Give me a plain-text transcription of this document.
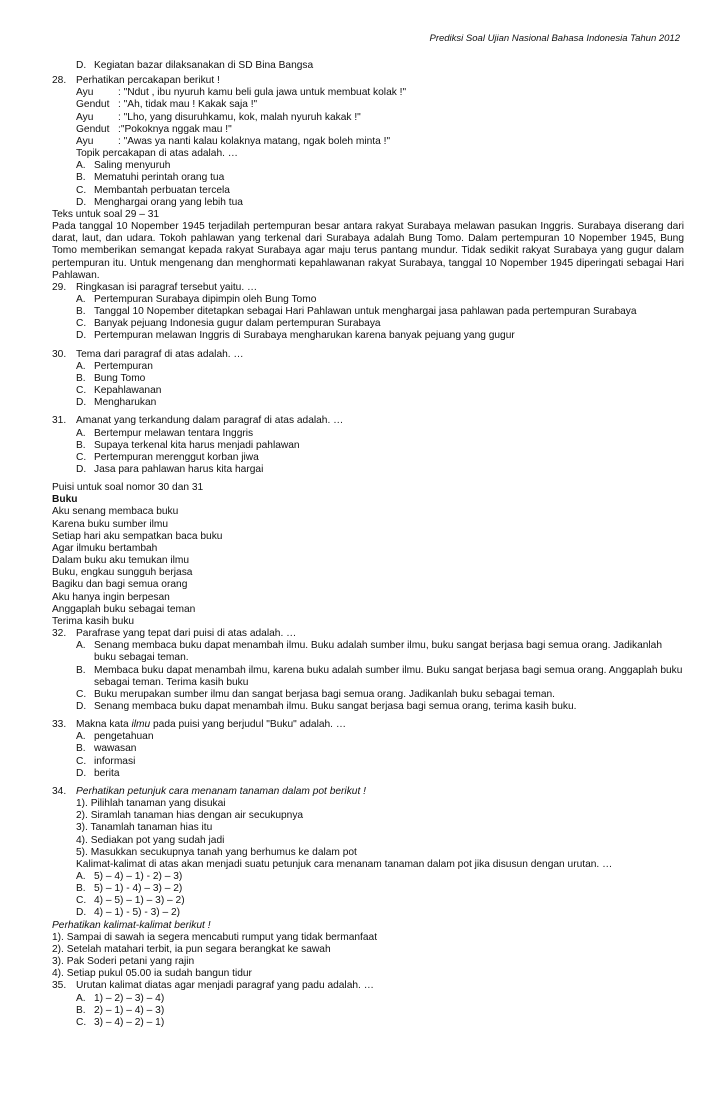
Prediksi Soal Ujian Nasional Bahasa Indonesia Tahun 2012
D. Kegiatan bazar dilaksanakan di SD Bina Bangsa
28. Perhatikan percakapan berikut !
Ayu	: "Ndut , ibu nyuruh kamu beli gula jawa untuk membuat kolak !"
Gendut : "Ah, tidak mau ! Kakak saja !"
Ayu	: "Lho, yang disuruhkamu, kok, malah nyuruh kakak !"
Gendut :"Pokoknya nggak mau !"
Ayu	: "Awas ya nanti kalau kolaknya matang, ngak boleh minta !"
Topik percakapan di atas adalah. …
A. Saling menyuruh
B. Mematuhi perintah orang tua
C. Membantah perbuatan tercela
D. Menghargai orang yang lebih tua
Teks untuk soal 29 – 31
Pada tanggal 10 Nopember 1945 terjadilah pertempuran besar antara rakyat Surabaya melawan pasukan Inggris. Surabaya diserang dari darat, laut, dan udara. Tokoh pahlawan yang terkenal dari Surabaya adalah Bung Tomo. Dalam pertempuran 10 Nopember 1945, Bung Tomo memberikan semangat kepada rakyat Surabaya agar maju terus pantang mundur. Tidak sedikit rakyat Surabaya yang gugur dalam pertempuran itu. Untuk mengenang dan menghormati kepahlawanan rakyat Surabaya, tanggal 10 Nopember 1945 diperingati sebagai Hari Pahlawan.
29. Ringkasan isi paragraf tersebut yaitu. …
A. Pertempuran Surabaya dipimpin oleh Bung Tomo
B. Tanggal 10 Nopember ditetapkan sebagai Hari Pahlawan untuk menghargai jasa pahlawan pada pertempuran Surabaya
C. Banyak pejuang Indonesia gugur dalam pertempuran Surabaya
D. Pertempuran melawan Inggris di Surabaya mengharukan karena banyak pejuang yang gugur
30. Tema dari paragraf di atas adalah. …
A. Pertempuran
B. Bung Tomo
C. Kepahlawanan
D. Mengharukan
31. Amanat yang terkandung dalam paragraf di atas adalah. …
A. Bertempur melawan tentara Inggris
B. Supaya terkenal kita harus menjadi pahlawan
C. Pertempuran merenggut korban jiwa
D. Jasa para pahlawan harus kita hargai
Puisi untuk soal nomor 30 dan 31
Buku
Aku senang membaca buku
Karena buku sumber ilmu
Setiap hari aku sempatkan baca buku
Agar ilmuku bertambah
Dalam buku aku temukan ilmu
Buku, engkau sungguh berjasa
Bagiku dan bagi semua orang
Aku hanya ingin berpesan
Anggaplah buku sebagai teman
Terima kasih buku
32. Parafrase yang tepat dari puisi di atas adalah. …
A. Senang membaca buku dapat menambah ilmu. Buku adalah sumber ilmu, buku sangat berjasa bagi semua orang. Jadikanlah buku sebagai teman.
B. Membaca buku dapat menambah ilmu, karena buku adalah sumber ilmu. Buku sangat berjasa bagi semua orang. Anggaplah buku sebagai teman. Terima kasih buku
C. Buku merupakan sumber ilmu dan sangat berjasa bagi semua orang. Jadikanlah buku sebagai teman.
D. Senang membaca buku dapat menambah ilmu. Buku sangat berjasa bagi semua orang, terima kasih buku.
33. Makna kata ilmu pada puisi yang berjudul "Buku" adalah. …
A. pengetahuan
B. wawasan
C. informasi
D. berita
34. Perhatikan petunjuk cara menanam tanaman dalam pot berikut !
1). Pilihlah tanaman yang disukai
2). Siramlah tanaman hias dengan air secukupnya
3). Tanamlah tanaman hias itu
4). Sediakan pot yang sudah jadi
5). Masukkan secukupnya tanah yang berhumus ke dalam pot
Kalimat-kalimat di atas akan menjadi suatu petunjuk cara menanam tanaman dalam pot jika disusun dengan urutan. …
A. 5) – 4) – 1) - 2) – 3)
B. 5) – 1) - 4) – 3) – 2)
C. 4) – 5) – 1) – 3) – 2)
D. 4) – 1) - 5) - 3) – 2)
Perhatikan kalimat-kalimat berikut !
1). Sampai di sawah ia segera mencabuti rumput yang tidak bermanfaat
2). Setelah matahari terbit, ia pun segara berangkat ke sawah
3). Pak Soderi petani yang rajin
4). Setiap pukul 05.00 ia sudah bangun tidur
35. Urutan kalimat diatas agar menjadi paragraf yang padu adalah. …
A. 1) – 2) – 3) – 4)
B. 2) – 1) – 4) – 3)
C. 3) – 4) – 2) – 1)
